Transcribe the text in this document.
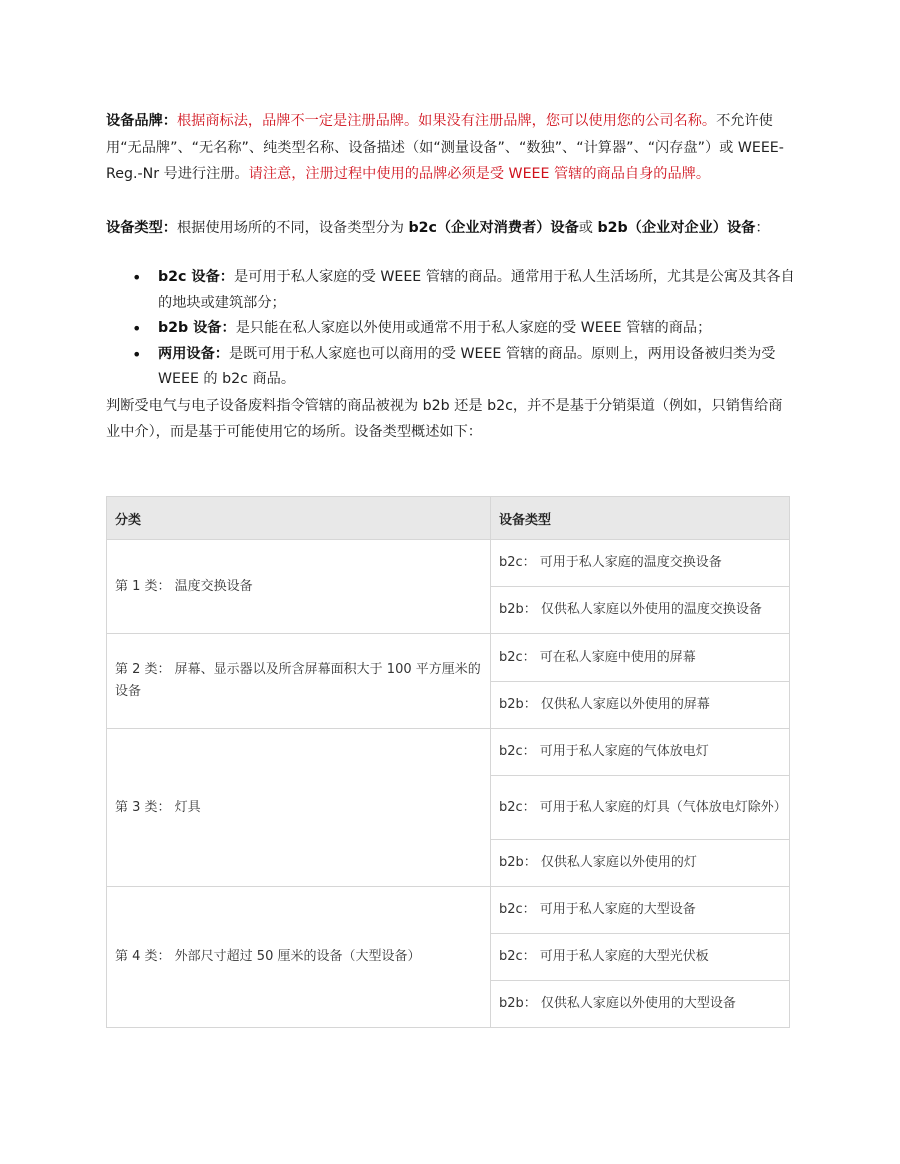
设备品牌：根据商标法，品牌不一定是注册品牌。如果没有注册品牌，您可以使用您的公司名称。不允许使用“无品牌”、“无名称”、纯类型名称、设备描述（如“测量设备”、“数独”、“计算器”、“闪存盘”）或 WEEE-Reg.-Nr 号进行注册。请注意，注册过程中使用的品牌必须是受 WEEE 管辖的商品自身的品牌。

设备类型：根据使用场所的不同，设备类型分为 b2c（企业对消费者）设备或 b2b（企业对企业）设备：

• b2c 设备：是可用于私人家庭的受 WEEE 管辖的商品。通常用于私人生活场所，尤其是公寓及其各自的地块或建筑部分；
• b2b 设备：是只能在私人家庭以外使用或通常不用于私人家庭的受 WEEE 管辖的商品；
• 两用设备：是既可用于私人家庭也可以商用的受 WEEE 管辖的商品。原则上，两用设备被归类为受 WEEE 的 b2c 商品。

判断受电气与电子设备废料指令管辖的商品被视为 b2b 还是 b2c，并不是基于分销渠道（例如，只销售给商业中介），而是基于可能使用它的场所。设备类型概述如下：

分类	设备类型
第 1 类： 温度交换设备	b2c： 可用于私人家庭的温度交换设备
	b2b： 仅供私人家庭以外使用的温度交换设备
第 2 类： 屏幕、显示器以及所含屏幕面积大于 100 平方厘米的设备	b2c： 可在私人家庭中使用的屏幕
	b2b： 仅供私人家庭以外使用的屏幕
第 3 类： 灯具	b2c： 可用于私人家庭的气体放电灯
	b2c： 可用于私人家庭的灯具（气体放电灯除外）
	b2b： 仅供私人家庭以外使用的灯
第 4 类： 外部尺寸超过 50 厘米的设备（大型设备）	b2c： 可用于私人家庭的大型设备
	b2c： 可用于私人家庭的大型光伏板
	b2b： 仅供私人家庭以外使用的大型设备
